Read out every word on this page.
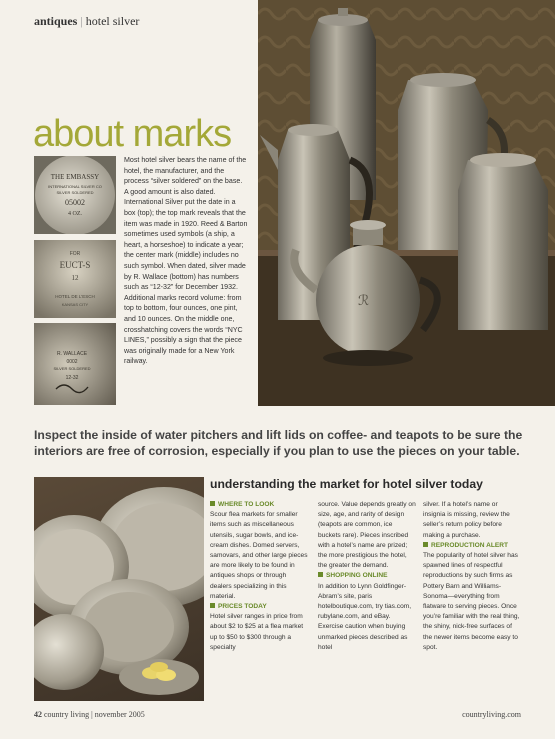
antiques | hotel silver
ℛ
about marks
THE EMBASSY
INTERNATIONAL SILVER CO
SILVER SOLDERED
05002
4 OZ.
FOR
EUCT-S
12
HOTEL DE L'ESCH
KANSAS CITY
R. WALLACE
0002
SILVER SOLDERED
12-32
Most hotel silver bears the name of the hotel, the manufacturer, and the process “silver soldered” on the base. A good amount is also dated. International Silver put the date in a box (top); the top mark reveals that the item was made in 1920. Reed & Barton sometimes used symbols (a ship, a heart, a horseshoe) to indicate a year; the center mark (middle) includes no such symbol. When dated, silver made by R. Wallace (bottom) has numbers such as “12-32” for December 1932. Additional marks record volume: from top to bottom, four ounces, one pint, and 10 ounces. On the middle one, crosshatching covers the words “NYC LINES,” possibly a sign that the piece was originally made for a New York railway.
Inspect the inside of water pitchers and lift lids on coffee- and teapots to be sure the interiors are free of corrosion, especially if you plan to use the pieces on your table.
understanding the market for hotel silver today
WHERE TO LOOK
Scour flea markets for smaller items such as miscellaneous utensils, sugar bowls, and ice-cream dishes. Domed servers, samovars, and other large pieces are more likely to be found in antiques shops or through dealers specializing in this material.
PRICES TODAY
Hotel silver ranges in price from about $2 to $25 at a flea market up to $50 to $300 through a specialty
source. Value depends greatly on size, age, and rarity of design (teapots are common, ice buckets rare). Pieces inscribed with a hotel’s name are prized; the more prestigious the hotel, the greater the demand.
SHOPPING ONLINE
In addition to Lynn Goldfinger-Abram’s site, paris hotelboutique.com, try tias.com, rubylane.com, and eBay. Exercise caution when buying unmarked pieces described as hotel
silver. If a hotel’s name or insignia is missing, review the seller’s return policy before making a purchase.
REPRODUCTION ALERT
The popularity of hotel silver has spawned lines of respectful reproductions by such firms as Pottery Barn and Williams-Sonoma—everything from flatware to serving pieces. Once you’re familiar with the real thing, the shiny, nick-free surfaces of the newer items become easy to spot.
42 country living | november 2005	countryliving.com
